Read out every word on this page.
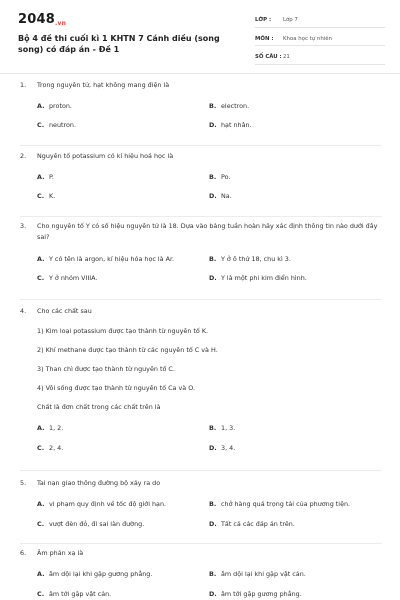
2048.vn
Bộ 4 đề thi cuối kì 1 KHTN 7 Cánh diều (song song) có đáp án - Đề 1
LỚP :	Lớp 7
MÔN :	Khoa học tự nhiên
SỐ CÂU : 21
1.	Trong nguyên tử, hạt không mang điện là
A. proton.	B. electron.
C. neutron.	D. hạt nhân.
2.	Nguyên tố potassium có kí hiệu hoá học là
A. P.	B. Po.
C. K.	D. Na.
3.	Cho nguyên tố Y có số hiệu nguyên tử là 18. Dựa vào bảng tuần hoàn hãy xác định thông tin nào dưới đây sai?
A. Y có tên là argon, kí hiệu hóa học là Ar.	B. Y ở ô thứ 18, chu kì 3.
C. Y ở nhóm VIIIA.	D. Y là một phi kim điển hình.
4.	Cho các chất sau
1) Kim loại potassium được tạo thành từ nguyên tố K.
2) Khí methane được tạo thành từ các nguyên tố C và H.
3) Than chì được tạo thành từ nguyên tố C.
4) Vôi sống được tạo thành từ nguyên tố Ca và O.
Chất là đơn chất trong các chất trên là
A. 1, 2.	B. 1, 3.
C. 2, 4.	D. 3, 4.
5.	Tai nạn giao thông đường bộ xảy ra do
A. vi phạm quy định về tốc độ giới hạn.	B. chở hàng quá trọng tải của phương tiện.
C. vượt đèn đỏ, đi sai làn đường.	D. Tất cả các đáp án trên.
6.	Âm phản xạ là
A. âm dội lại khi gặp gương phẳng.	B. âm dội lại khi gặp vật cản.
C. âm tới gặp vật cản.	D. âm tới gặp gương phẳng.
